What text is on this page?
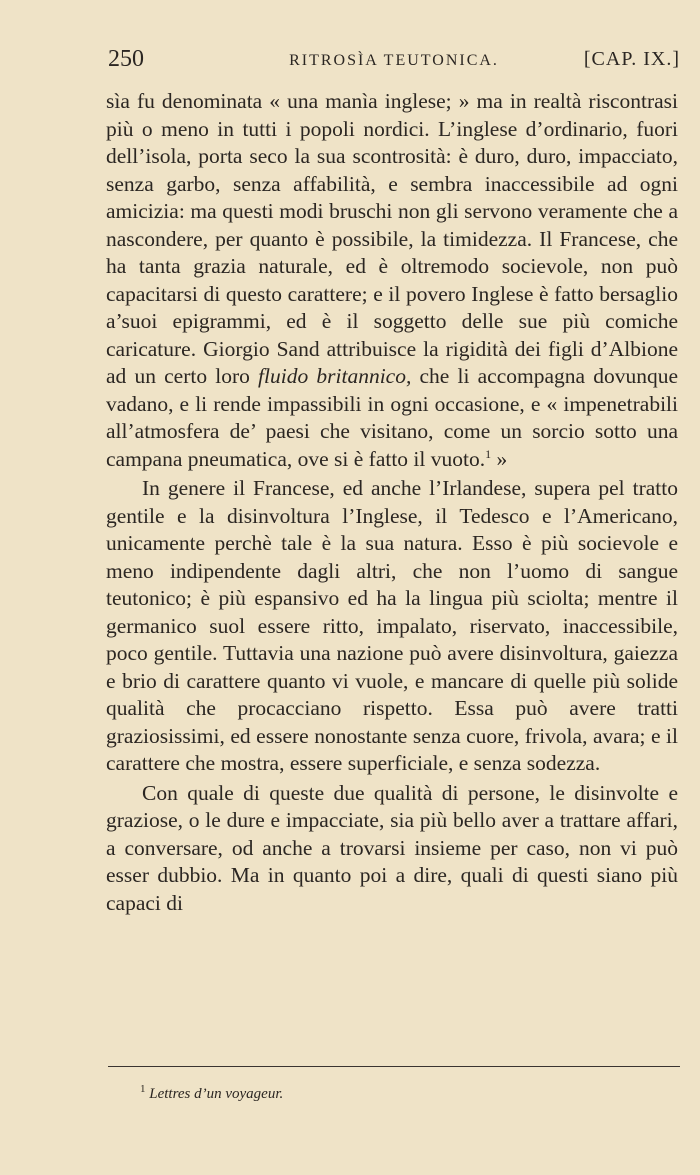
250	RITROSÌA TEUTONICA.	[CAP. IX.]

sìa fu denominata « una manìa inglese; » ma in realtà riscontrasi più o meno in tutti i popoli nordici. L’inglese d’ordinario, fuori dell’isola, porta seco la sua scontrosità: è duro, duro, impacciato, senza garbo, senza affabilità, e sembra inaccessibile ad ogni amicizia: ma questi modi bruschi non gli servono veramente che a nascondere, per quanto è possibile, la timidezza. Il Francese, che ha tanta grazia naturale, ed è oltremodo socievole, non può capacitarsi di questo carattere; e il povero Inglese è fatto bersaglio a’suoi epigrammi, ed è il soggetto delle sue più comiche caricature. Giorgio Sand attribuisce la rigidità dei figli d’Albione ad un certo loro fluido britannico, che li accompagna dovunque vadano, e li rende impassibili in ogni occasione, e « impenetrabili all’atmosfera de’ paesi che visitano, come un sorcio sotto una campana pneumatica, ove si è fatto il vuoto.$^1$ »

In genere il Francese, ed anche l’Irlandese, supera pel tratto gentile e la disinvoltura l’Inglese, il Tedesco e l’Americano, unicamente perchè tale è la sua natura. Esso è più socievole e meno indipendente dagli altri, che non l’uomo di sangue teutonico; è più espansivo ed ha la lingua più sciolta; mentre il germanico suol essere ritto, impalato, riservato, inaccessibile, poco gentile. Tuttavia una nazione può avere disinvoltura, gaiezza e brio di carattere quanto vi vuole, e mancare di quelle più solide qualità che procacciano rispetto. Essa può avere tratti graziosissimi, ed essere nonostante senza cuore, frivola, avara; e il carattere che mostra, essere superficiale, e senza sodezza.

Con quale di queste due qualità di persone, le disinvolte e graziose, o le dure e impacciate, sia più bello aver a trattare affari, a conversare, od anche a trovarsi insieme per caso, non vi può esser dubbio. Ma in quanto poi a dire, quali di questi siano più capaci di

$^1$ Lettres d’un voyageur.
